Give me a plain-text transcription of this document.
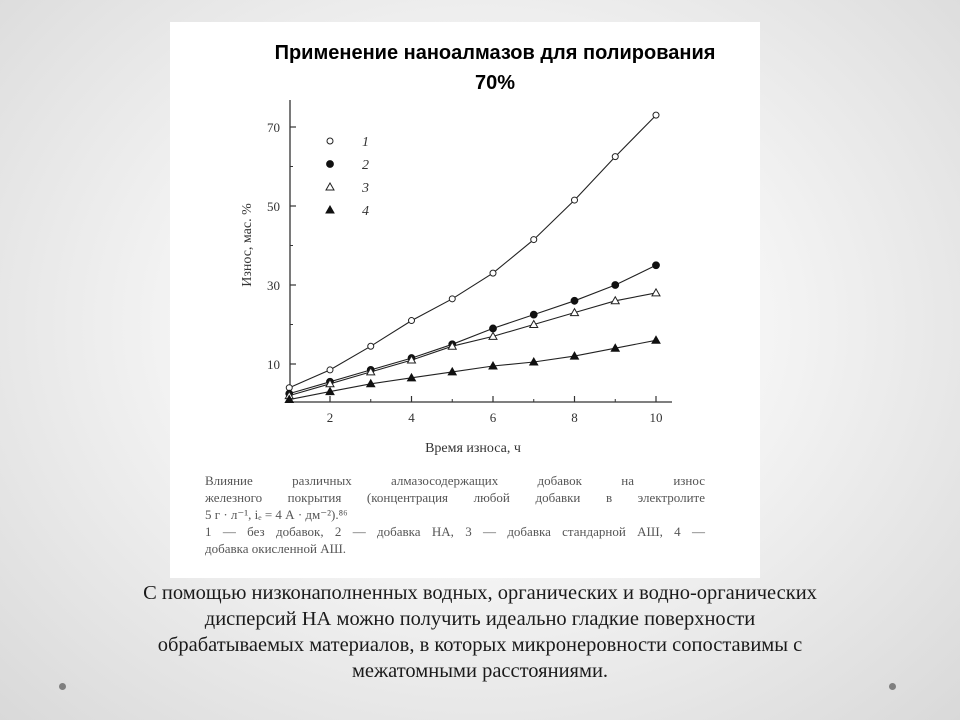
Применение наноалмазов для полирования
70%
2	4	6	8	10
10
30
50
70
1
2
3
4
Время износа, ч
Износ, мас. %
Влияние различных алмазосодержащих добавок на износ
железного покрытия (концентрация любой добавки в электролите
5 г · л⁻¹, iₑ = 4 А · дм⁻²).⁸⁶
1 — без добавок, 2 — добавка НА, 3 — добавка стандарной АШ, 4 —
добавка окисленной АШ.
С помощью низконаполненных водных, органических и водно-органических
дисперсий НА можно получить идеально гладкие поверхности
обрабатываемых материалов, в которых микронеровности сопоставимы с
межатомными расстояниями.
